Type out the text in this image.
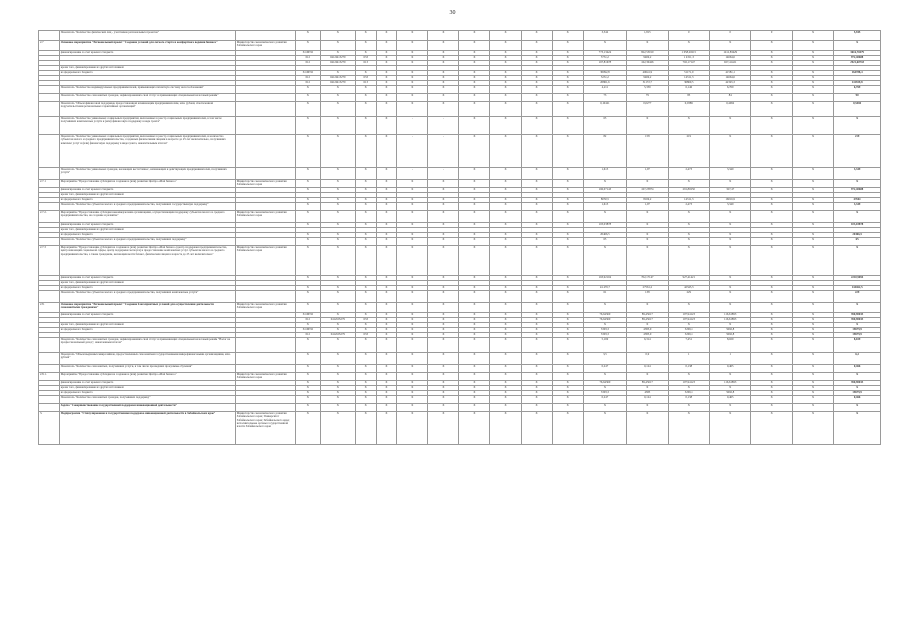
30
	Показатель "Количество физических лиц - участников региональных проектов"		Х	Х	Х	Х	Х	Х	Х	Х	Х	Х	3,342	1,815	0	0	0	Х	5,945
2.7	Основное мероприятие "Региональный проект "Создание условий для легкого старта и комфортного ведения бизнеса"	Министерство экономического развития Забайкальского края	Х	Х	Х	Х	Х	Х	Х	Х	Х	Х	Х	Х	Х	Х	Х	Х	Х
	финансирование за счет краевого бюджета		Х ОБТО	Х	Х	Х	Х	Х	Х	Х	Х	Х	773,13424	822,53010	1 058,20215	1212,83429	Х	Х	3616,70479
			012	0412I415279	633	Х	Х	Х	Х	Х	Х	Х	5731,2	9469,2	1 4311,3	14664,6	Х	Х	972,40688
			012	0412I415279	613	Х	Х	Х	Х	Х	Х	Х	167,81678	162,30426	702,17147	927,41421	Х	Х	2921,60718
	кроме того, финансирование из других источников:																		
	из федерального бюджета		Х ОБТО	Х	Х	Х	Х	Х	Х	Х	Х	Х	30092,8	40641,9	51171,9	41581,1	Х	Х	164788,4
			012	0412I415279	633	Х	Х	Х	Х	Х	Х	Х	5231,2	9469,2	14311,3	14664,6	Х	Х	
			012	0412I415279	613	Х	Х	Х	Х	Х	Х	Х	20861,6	31172,7	36860,5	42345,3	Х	Х	141929,8
	Показатель "Количество индивидуальных предпринимателей, применяющих патентную систему налогообложения"		Х	Х	Х	Х	Х	Х	Х	Х	Х	Х	4,211	5,339	6,146	6,769	Х	Х	6,769
	Показатель "Количество самозанятых граждан, зафиксировавших свой статус и применяющих специальный налоговый режим"		Х	Х	Х	Х	Х	Х	Х	Х	Х	Х	73	79	83	84	Х	Х	90
	Показатель "Объем финансовой поддержки, предоставленной начинающим предпринимателям, млн. рублей, обеспеченной поручительствами региональных гарантийных организаций"		Х	Х	Х	Х	Х	Х	Х	Х	Х	Х	0,10421	0,0277	0,0389	0,4092	Х	Х	0,5484
	Показатель "Количество уникальных социальных предприятий, включенных в реестр социальных предпринимателей, в том числе получивших комплексные услуги и (или) финансовую поддержку в виде гранта"		Х	Х	Х	Х	-	-	Х	Х	Х	Х	65	Х	Х	Х	Х	Х	Х
	Показатель "Количество уникальных социальных предприятий, включенных в реестр социальных предпринимателей, и количество субъектов малого и среднего предпринимательства, созданных физическими лицами в возрасте до 25 лет включительно, получивших комплекс услуг и (или) финансовую поддержку в виде гранта, накопительным итогом"		Х	Х	Х	Х	-	-	Х	Х	Х	Х	82	158	219	Х	Х	Х	219
	Показатель "Количество уникальных граждан, желающих вести бизнес, начинающих и действующих предпринимателей, получивших услуги"		Х	Х	Х	Х	-	-	Х	Х	Х	Х	1,613	1,97	2,473	3,349	Х	Х	3,349
2.7.1	Мероприятие "Предоставление субсидий на создание и (или) развитие Центра «Мой бизнес»"	Министерство экономического развития Забайкальского края	Х	Х	Х	Х	Х	Х	Х	Х	Х	Х	Х	Х	Х	Х	Х	Х	Х
	финансирование за счет краевого бюджета		Х	Х	Х	Х	Х	Х	Х	Х	Х	Х	166,07143	167,23874	291,80250	327,47	Х	Х	972,40688
	кроме того, финансирование из других источников:																		
	из федерального бюджета		Х	Х	Х	Х	Х	Х	Х	Х	Х	Х	8050,5	8169,2	14311,3	16016,9	Х	Х	47661
	Показатель "Количество субъектов малого и среднего предпринимательства, получивших государственную поддержку"		Х	Х	Х	Х	Х	Х	Х	Х	Х	Х	1,613	1,97	2,473	3,349	Х	Х	3,349
2.7.2.	Мероприятие "Предоставление субсидии некоммерческим организациям, осуществляющим поддержку субъектов малого и среднего предпринимательства, на создание и развитие"	Министерство экономического развития Забайкальского края	Х	Х	Х	Х	Х	Х	Х	Х	Х	Х	Х	Х	Х	Х	Х	Х	Х
	финансирование за счет краевого бюджета		Х	Х	Х	Х	Х	Х	Х	Х	Х	Х	103,03878	Х	Х	Х	Х	Х	103,03878
	кроме того, финансирование из других источников:																		
	из федерального бюджета		Х	Х	Х	Х	Х	Х	Х	Х	Х	Х	20466,5	Х	Х	Х	Х	Х	20466,5
	Показатель "Количество субъектов малого и среднего предпринимательства, получивших поддержку"		Х	Х	Х	Х	Х	Х	Х	Х	Х	Х	65	Х	Х	Х	Х	Х	65
2.7.3	Мероприятие "Предоставление субсидий на создание и (или) развитие Центра «Мой бизнес» (центр поддержки предпринимательства, центр инноваций социальной сферы, центр поддержки экспорта) и предоставление комплексных услуг субъектам малого и среднего предпринимательства, а также гражданам, желающим вести бизнес, физическим лицам в возрасте до 25 лет включительно"	Министерство экономического развития Забайкальского края	Х	Х	Х	Х	Х	Х	Х	Х	Х	Х	Х	Х	Х	Х	Х	Х	Х
	финансирование за счет краевого бюджета		Х	Х	Х	Х	Х	Х	Х	Х	Х	Х	163,92104	702,17147	927,41421	Х	Х	Х	2210,9694
	кроме того, финансирование из других источников:																		
	из федерального бюджета		Х	Х	Х	Х	Х	Х	Х	Х	Х	Х	24 476,7	27561,2	42345,3	Х	Х	Х	144462,5
	Показатель "Количество субъектов малого и среднего предпринимательства, получивших комплексные услуги"		Х	Х	Х	Х	Х	Х	Х	Х	Х	Х	61	138	229	Х	Х	Х	229
2.8.	Основное мероприятие "Региональный проект "Создание благоприятных условий для осуществления деятельности самозанятыми гражданами"	Министерство экономического развития Забайкальского края	Х	Х	Х	Х	Х	Х	Х	Х	Х	Х	Х	Х	Х	Х	Х	Х	Х
	финансирование за счет краевого бюджета		Х ОБТО	Х	Х	Х	Х	Х	Х	Х	Х	Х	76,64360	89,45617	107,94123	116,61893	Х	Х	390,90033
			012	0412I2S279	633	Х	Х	Х	Х	Х	Х	Х	76,64360	89,45617	107,94123	116,61893	Х	Х	390,90033
	кроме того, финансирование из других источников:		Х	Х	Х	Х	Х	Х	Х	Х	Х	Х	Х	Х	Х	Х	Х	Х	Х
	из федерального бюджета		Х ОБТО	Х	Х	Х	Х	Х	Х	Х	Х	Х	3393,3	4383,0	5209,1	5692,8	Х	Х	19679,9
			012	0412I2S279	633	Х	Х	Х	Х	Х	Х	Х	3393,3	4383,0	5209,1	5692,8	Х	Х	19679,9
	Показатель "Количество самозанятых граждан, зафиксировавших свой статус и применяющих специальный налоговый режим "Налог на профессиональный доход", накопленным итогом"		Х	Х	Х	Х	Х	Х	Х	Х	Х	Х	5,169	6,314	7,451	8,029	Х	Х	8,029
	Показатель "Объем выданных микрозаймов, предоставленных самозанятым государственными микрофинансовыми организациями, млн. рублей"		Х	Х	Х	Х	Х	Х	Х	Х	Х	Х	3,5	0,9	1	1	Х	Х	6,2
	Показатель "Количество самозанятых, получивших услуги, в том числе прошедших программы обучения"		Х	Х	Х	Х	Х	Х	Х	Х	Х	Х	0,247	0,124	0,138	0,465	Х	Х	0,466
2.8.1.	Мероприятие "Предоставление субсидии на создание и (или) развитие Центра «Мой бизнес»"	Министерство экономического развития Забайкальского края	Х	Х	Х	Х	Х	Х	Х	Х	Х	Х	Х	Х	Х	Х	Х	Х	Х
	финансирование за счет краевого бюджета		Х	Х	Х	Х	Х	Х	Х	Х	Х	Х	76,64360	89,45617	107,94123	116,61893	Х	Х	390,90033
	кроме того, финансирование из других источников:		Х	Х	Х	Х	Х	Х	Х	Х	Х	Х	Х	Х	Х	Х	Х	Х	Х
	из федерального бюджета		Х	Х	Х	Х	Х	Х	Х	Х	Х	Х	3393,3	4383	5209,1	5692,8	Х	Х	19679,9
	Показатель "Количество самозанятых граждан, получивших поддержку"		Х	Х	Х	Х	Х	Х	Х	Х	Х	Х	0,247	0,124	0,138	0,465	Х	Х	0,466
	Задача "Совершенствование государственной поддержки инновационной деятельности"		Х	Х	Х	Х	Х	Х	Х	Х	Х	Х	Х	Х	Х	Х	Х	Х	Х
3.	Подпрограмма "Стимулирование и государственная поддержка инновационной деятельности в Забайкальском крае"	Министерство экономического развития Забайкальского края; Университет Забайкальского края; Забайкальского края; исполнительные органы государственной власти Забайкальского края	Х	Х	Х	Х	Х	Х	Х	Х	Х	Х	Х	Х	Х	Х	Х	Х	Х
